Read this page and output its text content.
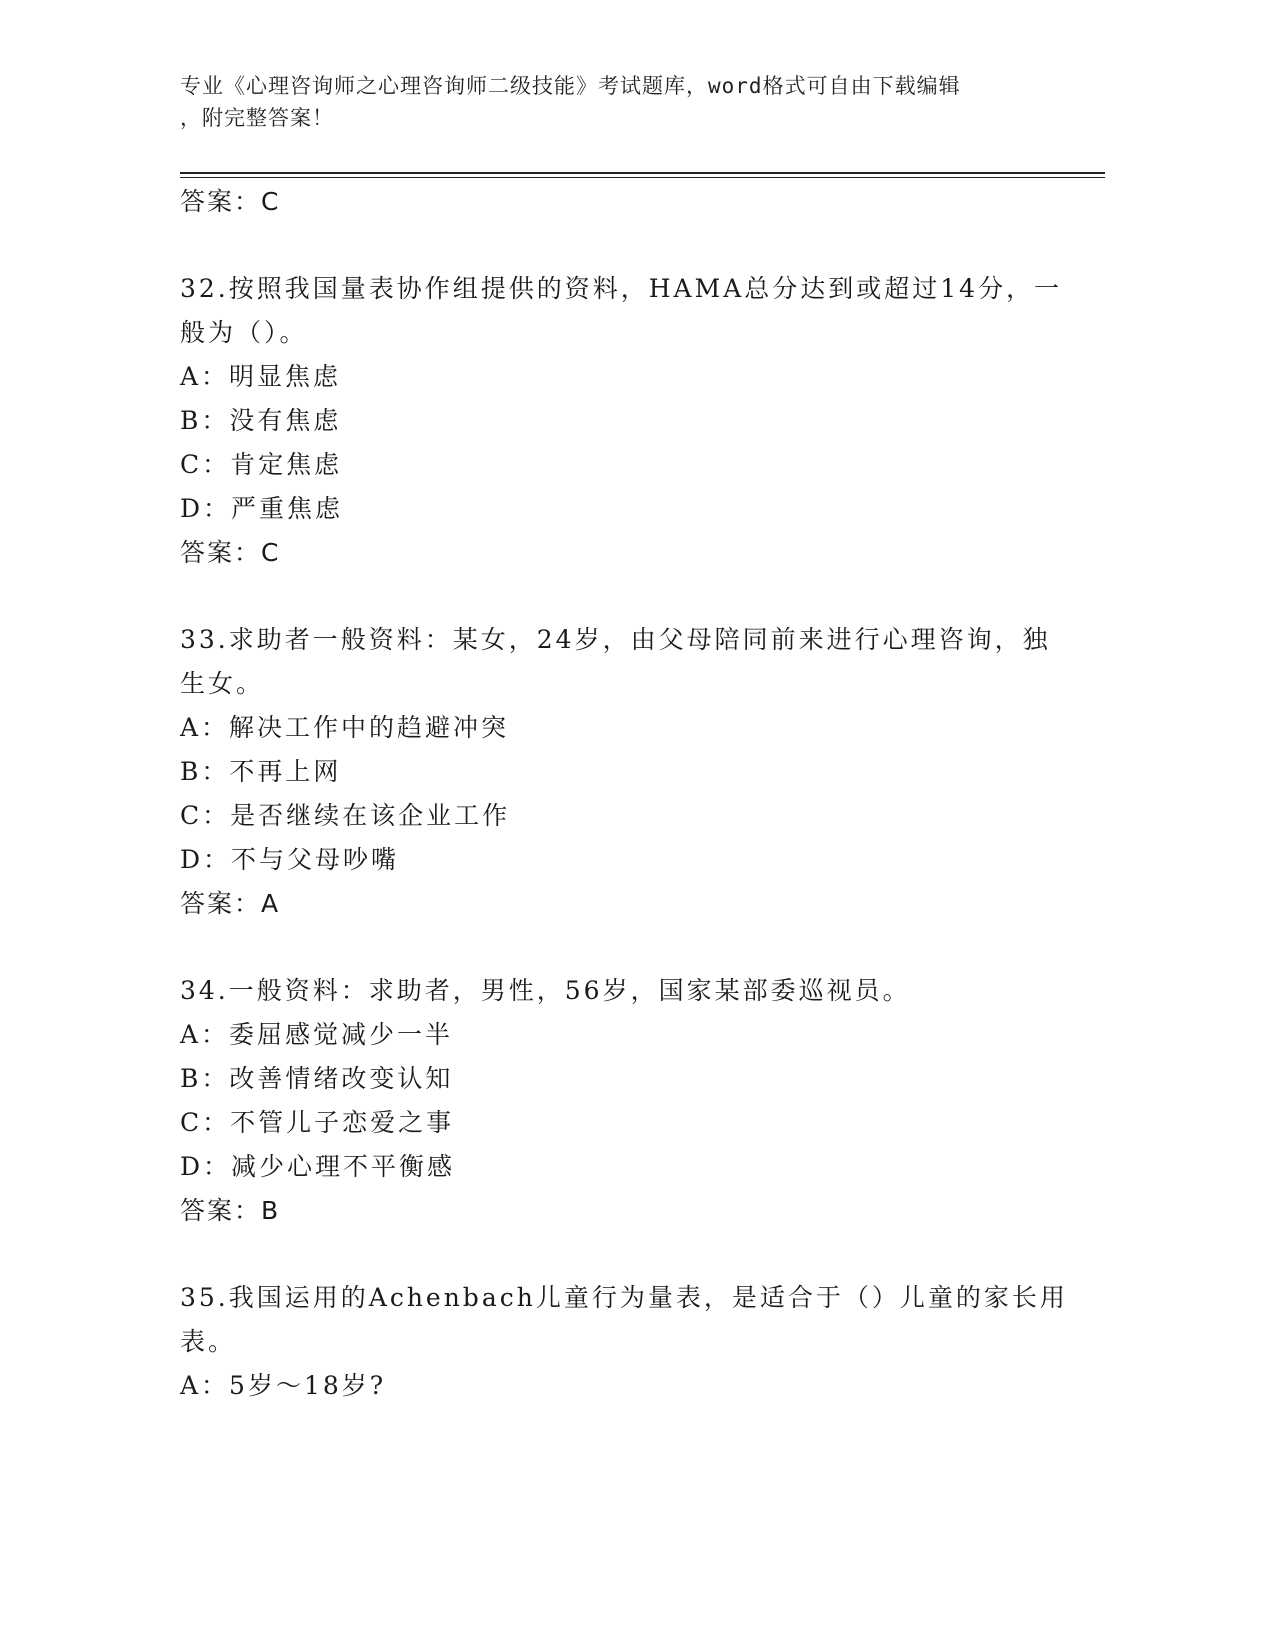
专业《心理咨询师之心理咨询师二级技能》考试题库，word格式可自由下载编辑
，附完整答案！
答案：C
32.按照我国量表协作组提供的资料，HAMA总分达到或超过14分，一
般为（）。
A：明显焦虑
B：没有焦虑
C：肯定焦虑
D：严重焦虑
答案：C
33.求助者一般资料：某女，24岁，由父母陪同前来进行心理咨询，独
生女。
A：解决工作中的趋避冲突
B：不再上网
C：是否继续在该企业工作
D：不与父母吵嘴
答案：A
34.一般资料：求助者，男性，56岁，国家某部委巡视员。
A：委屈感觉减少一半
B：改善情绪改变认知
C：不管儿子恋爱之事
D：减少心理不平衡感
答案：B
35.我国运用的Achenbach儿童行为量表，是适合于（）儿童的家长用
表。
A：5岁～18岁?
